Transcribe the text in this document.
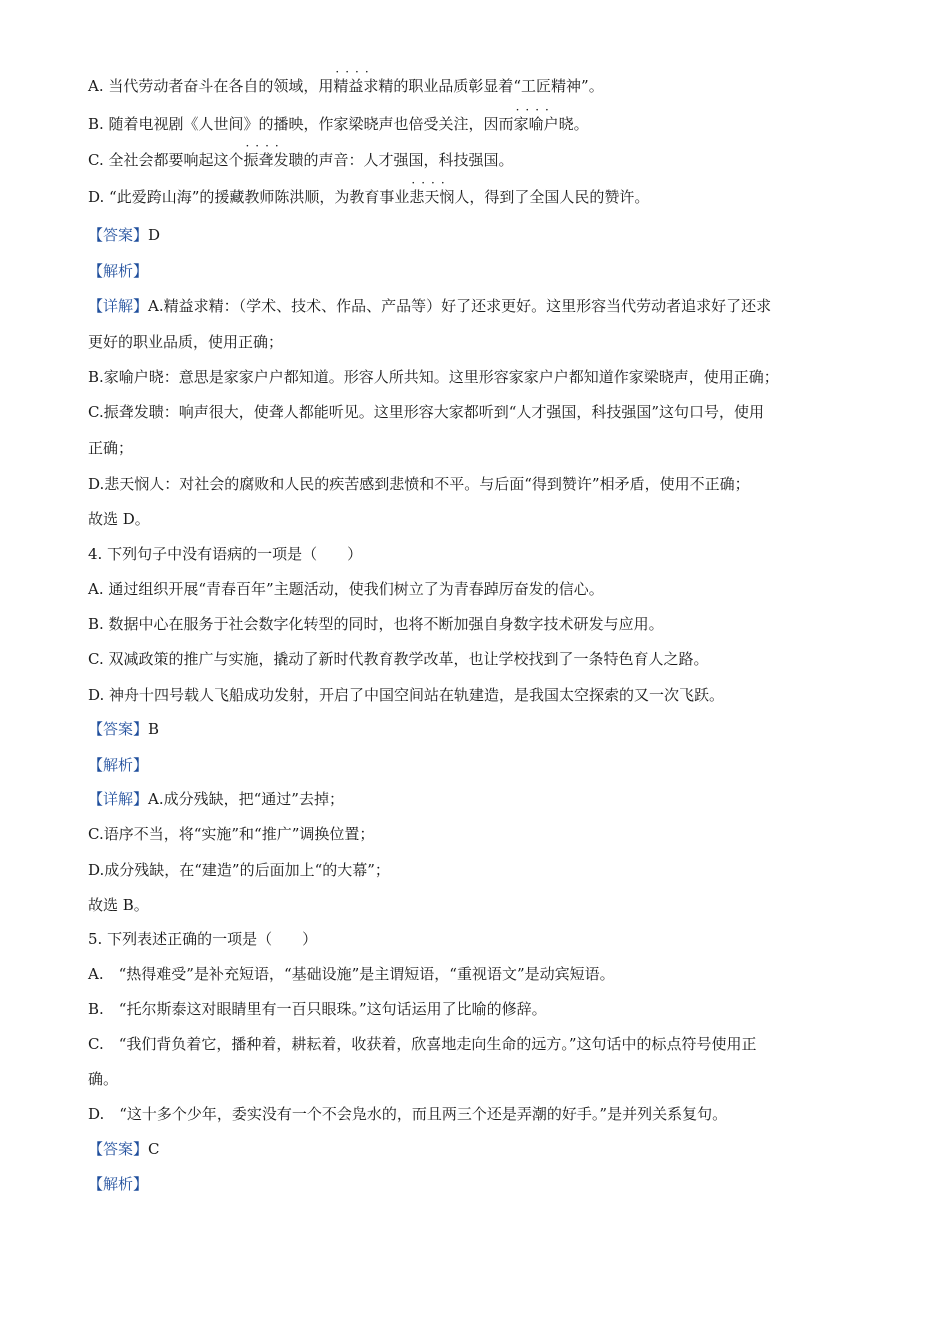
A. 当代劳动者奋斗在各自的领域，用· · · · 精益求精的职业品质彰显着“工匠精神”。
B. 随着电视剧《人世间》的播映，作家梁晓声也倍受关注，因而· · · · 家喻户晓。
C. 全社会都要响起这个· · · · 振聋发聩的声音：人才强国，科技强国。
D. “此爱跨山海”的援藏教师陈洪顺，为教育事业· · · · 悲天悯人，得到了全国人民的赞许。
【答案】D
【解析】
【详解】A.精益求精：（学术、技术、作品、产品等）好了还求更好。这里形容当代劳动者追求好了还求
更好的职业品质，使用正确；
B.家喻户晓：意思是家家户户都知道。形容人所共知。这里形容家家户户都知道作家梁晓声，使用正确；
C.振聋发聩：响声很大，使聋人都能听见。这里形容大家都听到“人才强国，科技强国”这句口号，使用
正确；
D.悲天悯人：对社会的腐败和人民的疾苦感到悲愤和不平。与后面“得到赞许”相矛盾，使用不正确；
故选 D。
4. 下列句子中没有语病的一项是（　　）
A. 通过组织开展“青春百年”主题活动，使我们树立了为青春踔厉奋发的信心。
B. 数据中心在服务于社会数字化转型的同时，也将不断加强自身数字技术研发与应用。
C. 双减政策的推广与实施，撬动了新时代教育教学改革，也让学校找到了一条特色育人之路。
D. 神舟十四号载人飞船成功发射，开启了中国空间站在轨建造，是我国太空探索的又一次飞跃。
【答案】B
【解析】
【详解】A.成分残缺，把“通过”去掉；
C.语序不当，将“实施”和“推广”调换位置；
D.成分残缺，在“建造”的后面加上“的大幕”；
故选 B。
5. 下列表述正确的一项是（　　）
A.　“热得难受”是补充短语，“基础设施”是主谓短语，“重视语文”是动宾短语。
B.　“托尔斯泰这对眼睛里有一百只眼珠。”这句话运用了比喻的修辞。
C.　“我们背负着它，播种着，耕耘着，收获着，欣喜地走向生命的远方。”这句话中的标点符号使用正
确。
D.　“这十多个少年，委实没有一个不会凫水的，而且两三个还是弄潮的好手。”是并列关系复句。
【答案】C
【解析】
